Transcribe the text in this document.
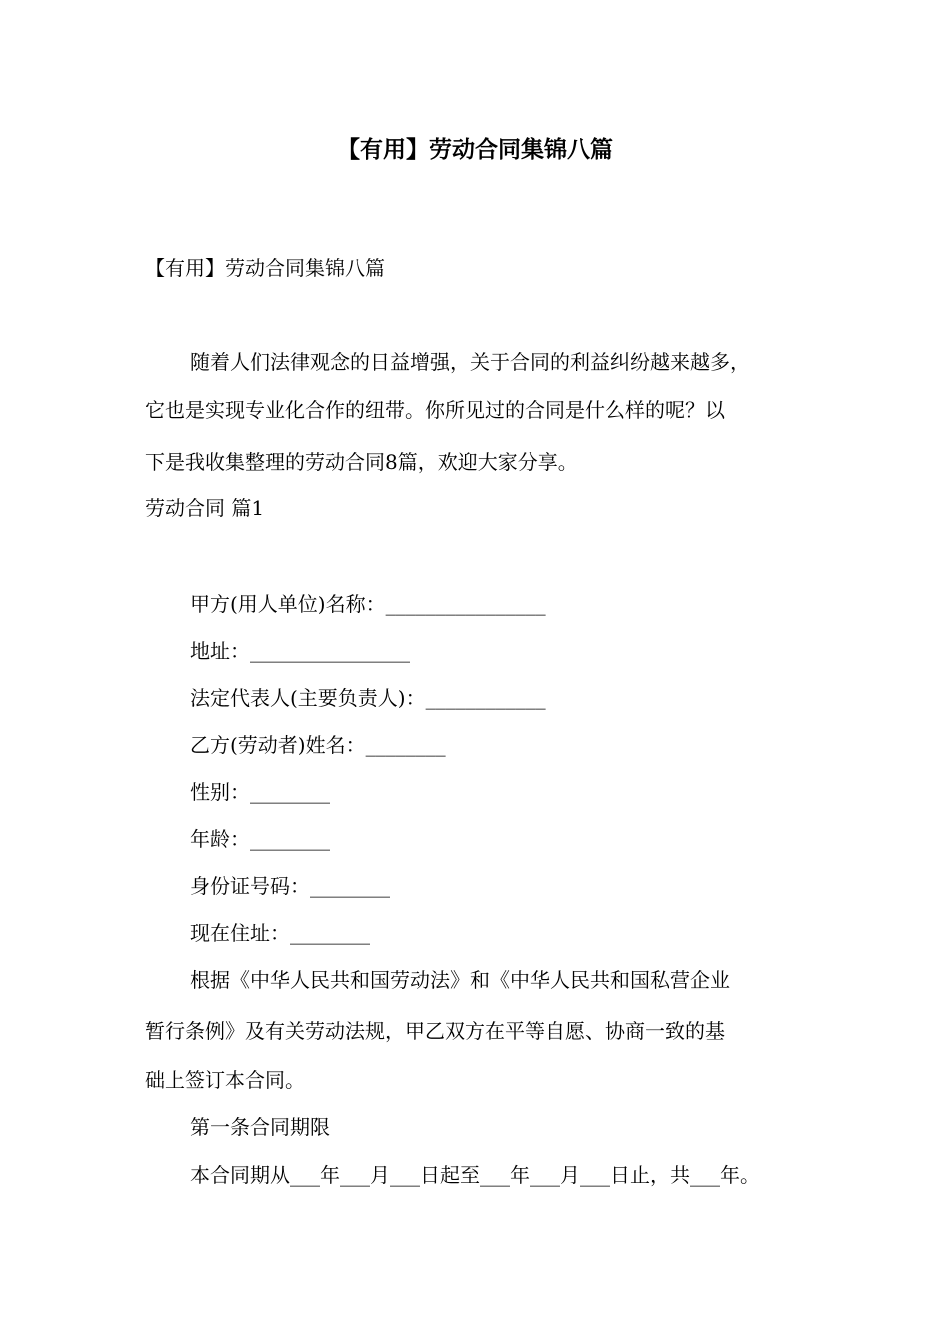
【有用】劳动合同集锦八篇

【有用】劳动合同集锦八篇

随着人们法律观念的日益增强，关于合同的利益纠纷越来越多，

它也是实现专业化合作的纽带。你所见过的合同是什么样的呢？以

下是我收集整理的劳动合同8篇，欢迎大家分享。

劳动合同 篇1

甲方(用人单位)名称：________________

地址：________________

法定代表人(主要负责人)：____________

乙方(劳动者)姓名：________

性别：________

年龄：________

身份证号码：________

现在住址：________

根据《中华人民共和国劳动法》和《中华人民共和国私营企业

暂行条例》及有关劳动法规，甲乙双方在平等自愿、协商一致的基

础上签订本合同。

第一条合同期限

本合同期从___年___月___日起至___年___月___日止，共___年。
